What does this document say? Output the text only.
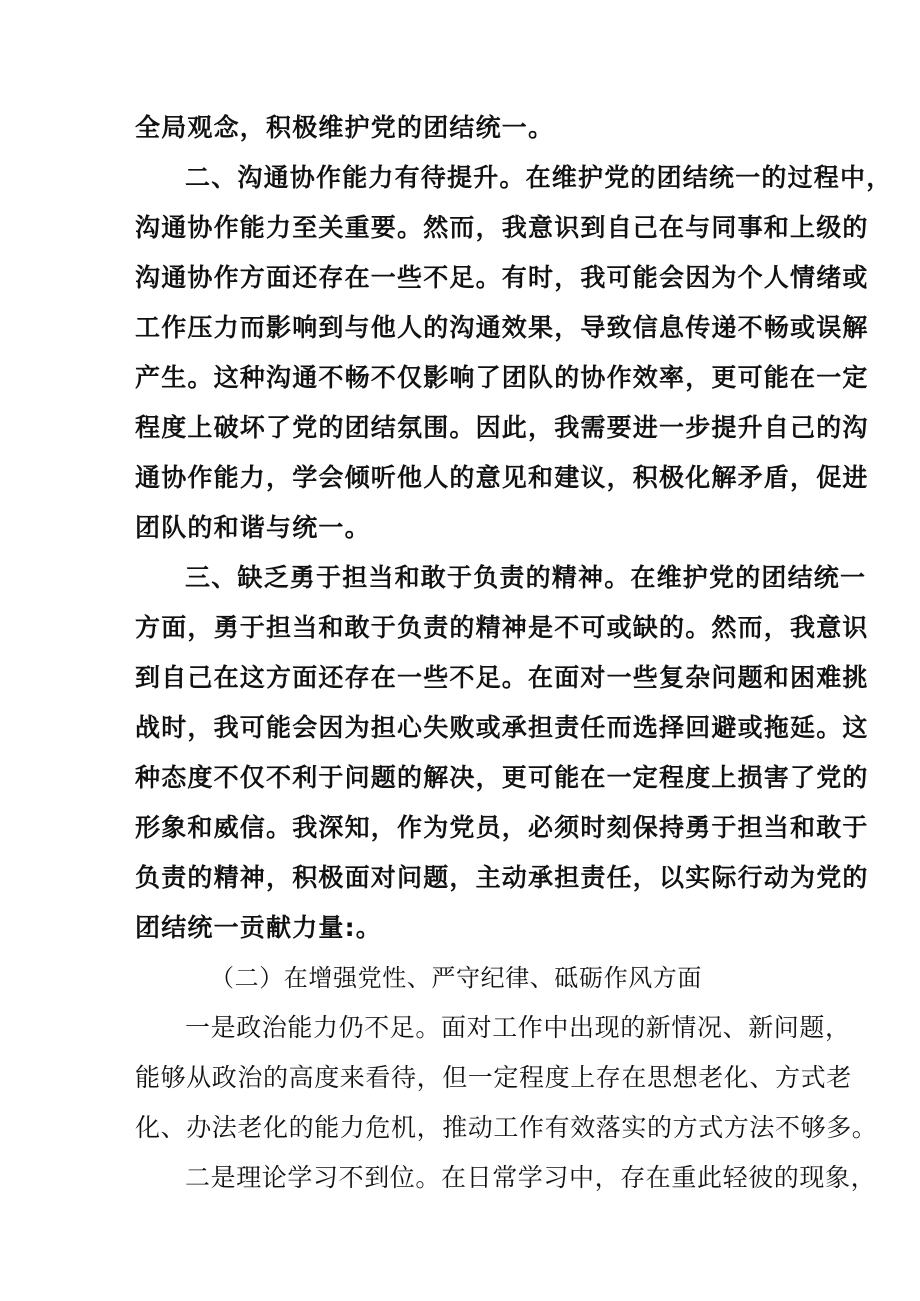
全局观念，积极维护党的团结统一。
二、沟通协作能力有待提升。在维护党的团结统一的过程中，
沟通协作能力至关重要。然而，我意识到自己在与同事和上级的
沟通协作方面还存在一些不足。有时，我可能会因为个人情绪或
工作压力而影响到与他人的沟通效果，导致信息传递不畅或误解
产生。这种沟通不畅不仅影响了团队的协作效率，更可能在一定
程度上破坏了党的团结氛围。因此，我需要进一步提升自己的沟
通协作能力，学会倾听他人的意见和建议，积极化解矛盾，促进
团队的和谐与统一。
三、缺乏勇于担当和敢于负责的精神。在维护党的团结统一
方面，勇于担当和敢于负责的精神是不可或缺的。然而，我意识
到自己在这方面还存在一些不足。在面对一些复杂问题和困难挑
战时，我可能会因为担心失败或承担责任而选择回避或拖延。这
种态度不仅不利于问题的解决，更可能在一定程度上损害了党的
形象和威信。我深知，作为党员，必须时刻保持勇于担当和敢于
负责的精神，积极面对问题，主动承担责任，以实际行动为党的
团结统一贡献力量:。
（二）在增强党性、严守纪律、砥砺作风方面
一是政治能力仍不足。面对工作中出现的新情况、新问题，
能够从政治的高度来看待，但一定程度上存在思想老化、方式老
化、办法老化的能力危机，推动工作有效落实的方式方法不够多。
二是理论学习不到位。在日常学习中，存在重此轻彼的现象，
